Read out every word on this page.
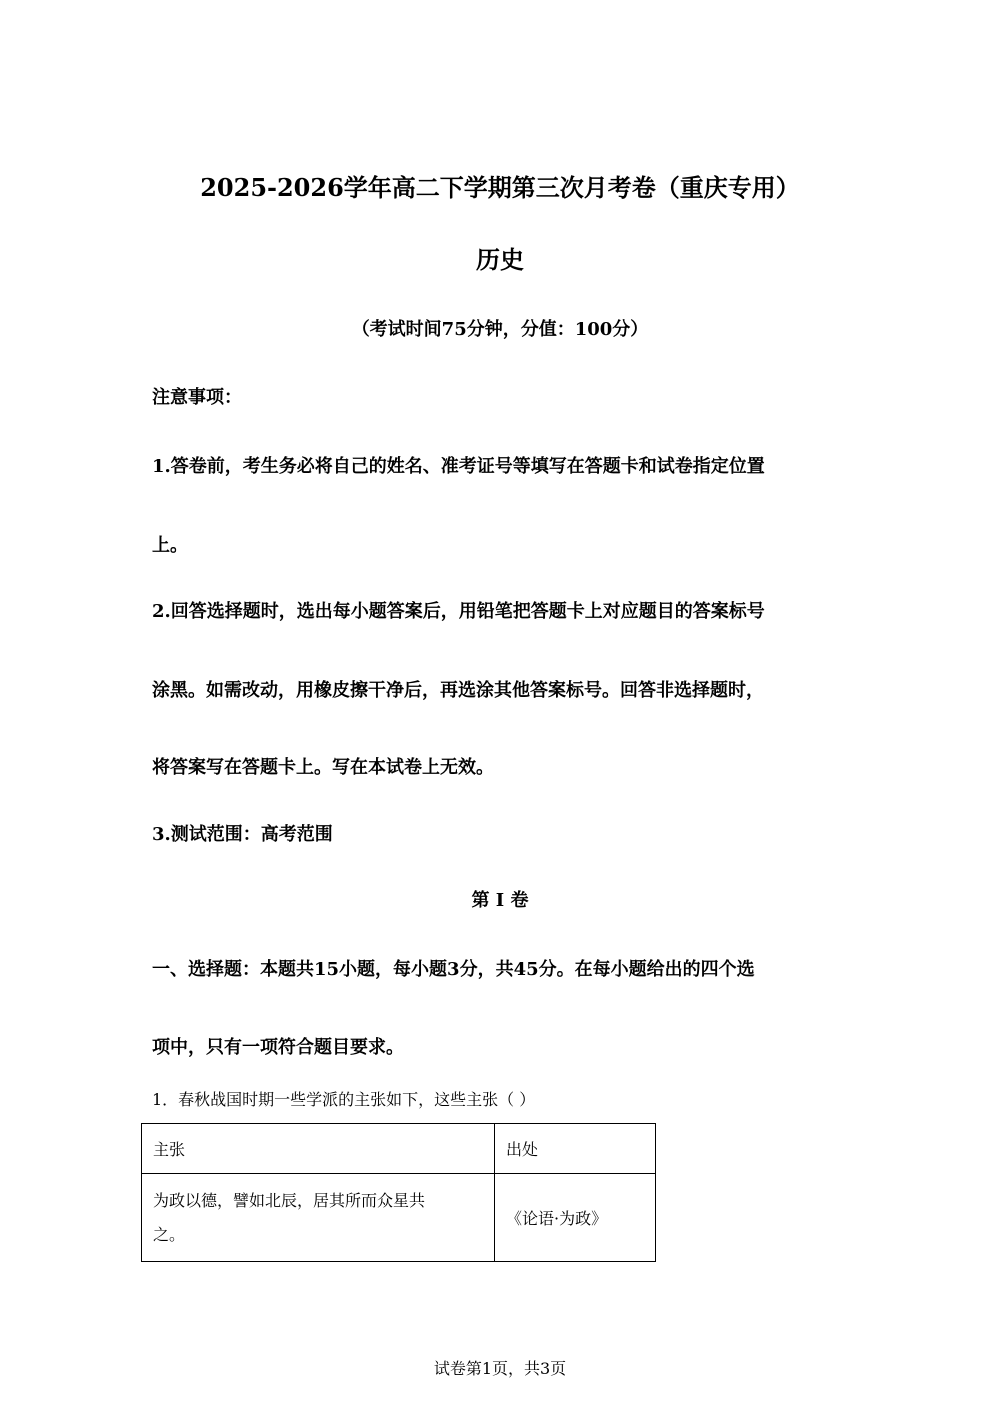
2025-2026学年高二下学期第三次月考卷（重庆专用）
历史
（考试时间75分钟，分值：100分）
注意事项：
1.答卷前，考生务必将自己的姓名、准考证号等填写在答题卡和试卷指定位置
上。
2.回答选择题时，选出每小题答案后，用铅笔把答题卡上对应题目的答案标号
涂黑。如需改动，用橡皮擦干净后，再选涂其他答案标号。回答非选择题时，
将答案写在答题卡上。写在本试卷上无效。
3.测试范围：高考范围
第 I 卷
一、选择题：本题共15小题，每小题3分，共45分。在每小题给出的四个选
项中，只有一项符合题目要求。
1．春秋战国时期一些学派的主张如下，这些主张（ ）
主张	出处
为政以德，譬如北辰，居其所而众星共
之。	《论语·为政》
试卷第1页，共3页
